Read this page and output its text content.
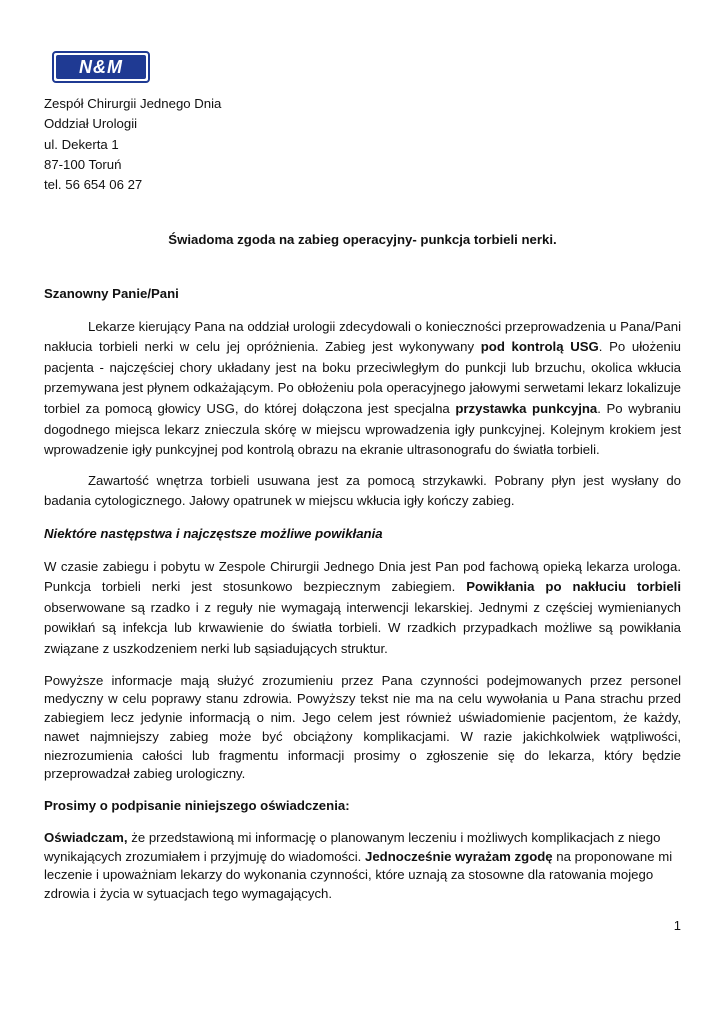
N&M
Zespół Chirurgii Jednego Dnia
Oddział Urologii
ul. Dekerta 1
87-100 Toruń
tel. 56 654 06 27
Świadoma zgoda na zabieg operacyjny- punkcja torbieli nerki.

Szanowny Panie/Pani

Lekarze kierujący Pana na oddział urologii zdecydowali o konieczności przeprowadzenia u Pana/Pani nakłucia torbieli nerki w celu jej opróżnienia. Zabieg jest wykonywany pod kontrolą USG. Po ułożeniu pacjenta - najczęściej chory układany jest na boku przeciwległym do punkcji lub brzuchu, okolica wkłucia przemywana jest płynem odkażającym. Po obłożeniu pola operacyjnego jałowymi serwetami lekarz lokalizuje torbiel za pomocą głowicy USG, do której dołączona jest specjalna przystawka punkcyjna. Po wybraniu dogodnego miejsca lekarz znieczula skórę w miejscu wprowadzenia igły punkcyjnej. Kolejnym krokiem jest wprowadzenie igły punkcyjnej pod kontrolą obrazu na ekranie ultrasonografu do światła torbieli.

Zawartość wnętrza torbieli usuwana jest za pomocą strzykawki. Pobrany płyn jest wysłany do badania cytologicznego. Jałowy opatrunek w miejscu wkłucia igły kończy zabieg.

Niektóre następstwa i najczęstsze możliwe powikłania

W czasie zabiegu i pobytu w Zespole Chirurgii Jednego Dnia jest Pan pod fachową opieką lekarza urologa. Punkcja torbieli nerki jest stosunkowo bezpiecznym zabiegiem. Powikłania po nakłuciu torbieli obserwowane są rzadko i z reguły nie wymagają interwencji lekarskiej. Jednymi z częściej wymienianych powikłań są infekcja lub krwawienie do światła torbieli. W rzadkich przypadkach możliwe są powikłania związane z uszkodzeniem nerki lub sąsiadujących struktur.

Powyższe informacje mają służyć zrozumieniu przez Pana czynności podejmowanych przez personel medyczny w celu poprawy stanu zdrowia. Powyższy tekst nie ma na celu wywołania u Pana strachu przed zabiegiem lecz jedynie informacją o nim. Jego celem jest również uświadomienie pacjentom, że każdy, nawet najmniejszy zabieg może być obciążony komplikacjami. W razie jakichkolwiek wątpliwości, niezrozumienia całości lub fragmentu informacji prosimy o zgłoszenie się do lekarza, który będzie przeprowadzał zabieg urologiczny.

Prosimy o podpisanie niniejszego oświadczenia:

Oświadczam, że przedstawioną mi informację o planowanym leczeniu i możliwych komplikacjach z niego wynikających zrozumiałem i przyjmuję do wiadomości. Jednocześnie wyrażam zgodę na proponowane mi leczenie i upoważniam lekarzy do wykonania czynności, które uznają za stosowne dla ratowania mojego zdrowia i życia w sytuacjach tego wymagających.

1
